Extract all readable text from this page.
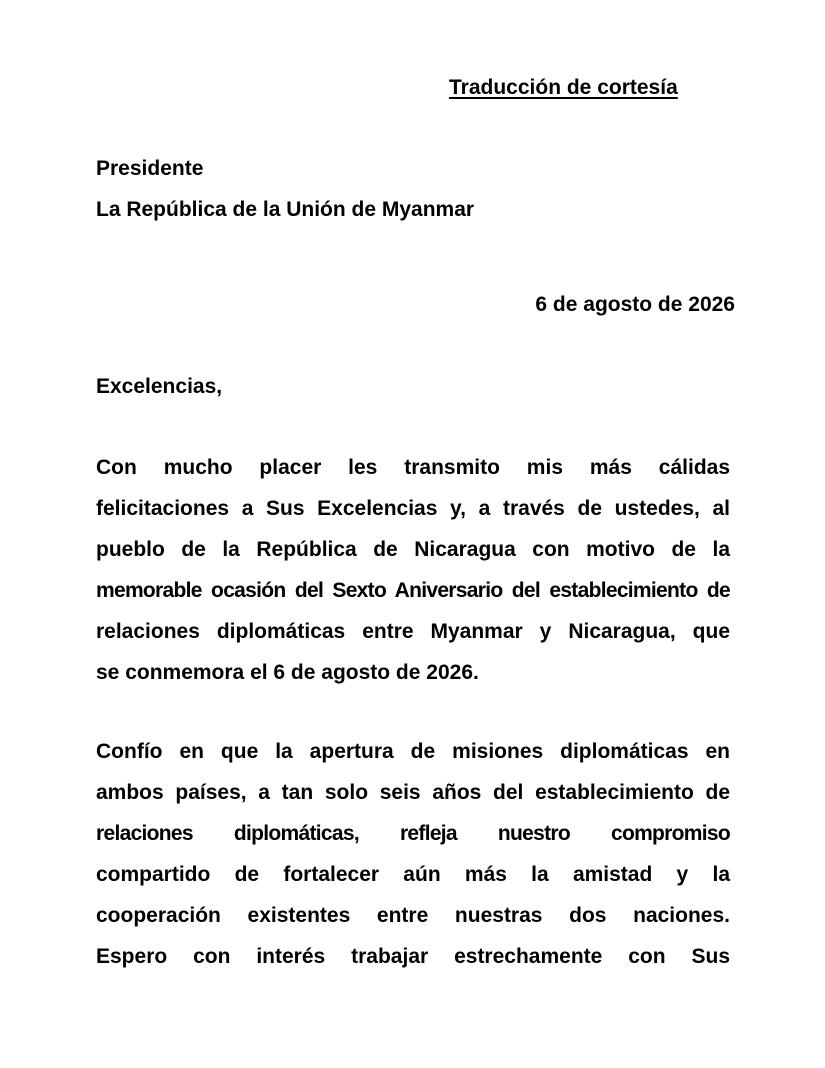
Traducción de cortesía
Presidente
La República de la Unión de Myanmar
6 de agosto de 2026
Excelencias,
Con mucho placer les transmito mis más cálidas
felicitaciones a Sus Excelencias y, a través de ustedes, al
pueblo de la República de Nicaragua con motivo de la
memorable ocasión del Sexto Aniversario del establecimiento de
relaciones diplomáticas entre Myanmar y Nicaragua, que
se conmemora el 6 de agosto de 2026.
Confío en que la apertura de misiones diplomáticas en
ambos países, a tan solo seis años del establecimiento de
relaciones diplomáticas, refleja nuestro compromiso
compartido de fortalecer aún más la amistad y la
cooperación existentes entre nuestras dos naciones.
Espero con interés trabajar estrechamente con Sus
